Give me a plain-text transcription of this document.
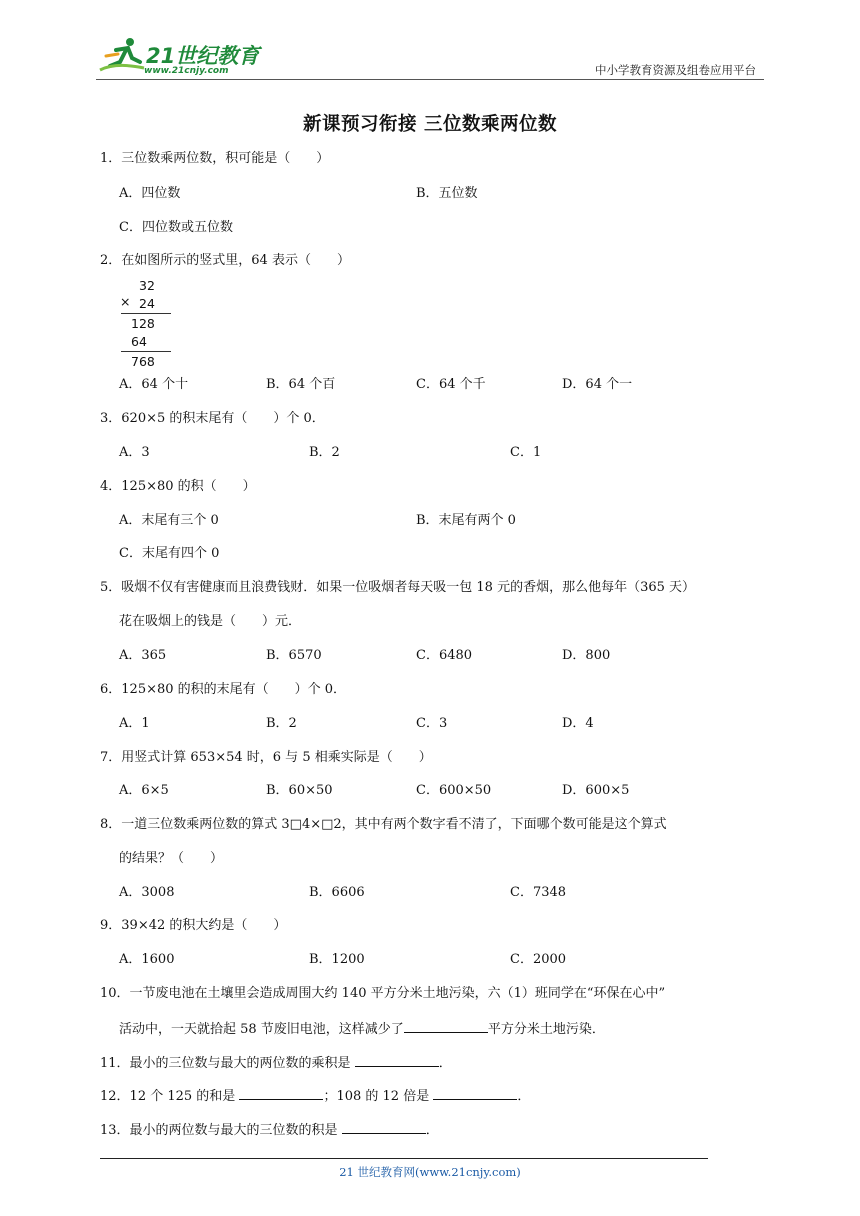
21世纪教育
www.21cnjy.com	中小学教育资源及组卷应用平台
新课预习衔接 三位数乘两位数
1．三位数乘两位数，积可能是（　　）
A．四位数	B．五位数
C．四位数或五位数
2．在如图所示的竖式里，64 表示（　　）
32
× 24
128
64
768
A．64 个十	B．64 个百	C．64 个千	D．64 个一
3．620×5 的积末尾有（　　）个 0．
A．3	B．2	C．1
4．125×80 的积（　　）
A．末尾有三个 0	B．末尾有两个 0
C．末尾有四个 0
5．吸烟不仅有害健康而且浪费钱财．如果一位吸烟者每天吸一包 18 元的香烟，那么他每年（365 天）
花在吸烟上的钱是（　　）元．
A．365	B．6570	C．6480	D．800
6．125×80 的积的末尾有（　　）个 0．
A．1	B．2	C．3	D．4
7．用竖式计算 653×54 时，6 与 5 相乘实际是（　　）
A．6×5	B．60×50	C．600×50	D．600×5
8．一道三位数乘两位数的算式 3□4×□2，其中有两个数字看不清了，下面哪个数可能是这个算式
的结果？（　　）
A．3008	B．6606	C．7348
9．39×42 的积大约是（　　）
A．1600	B．1200	C．2000
10．一节废电池在土壤里会造成周围大约 140 平方分米土地污染，六（1）班同学在“环保在心中”
活动中，一天就拾起 58 节废旧电池，这样减少了	平方分米土地污染．
11．最小的三位数与最大的两位数的乘积是	．
12．12 个 125 的和是	；108 的 12 倍是	．
13．最小的两位数与最大的三位数的积是	．
21 世纪教育网(www.21cnjy.com)
